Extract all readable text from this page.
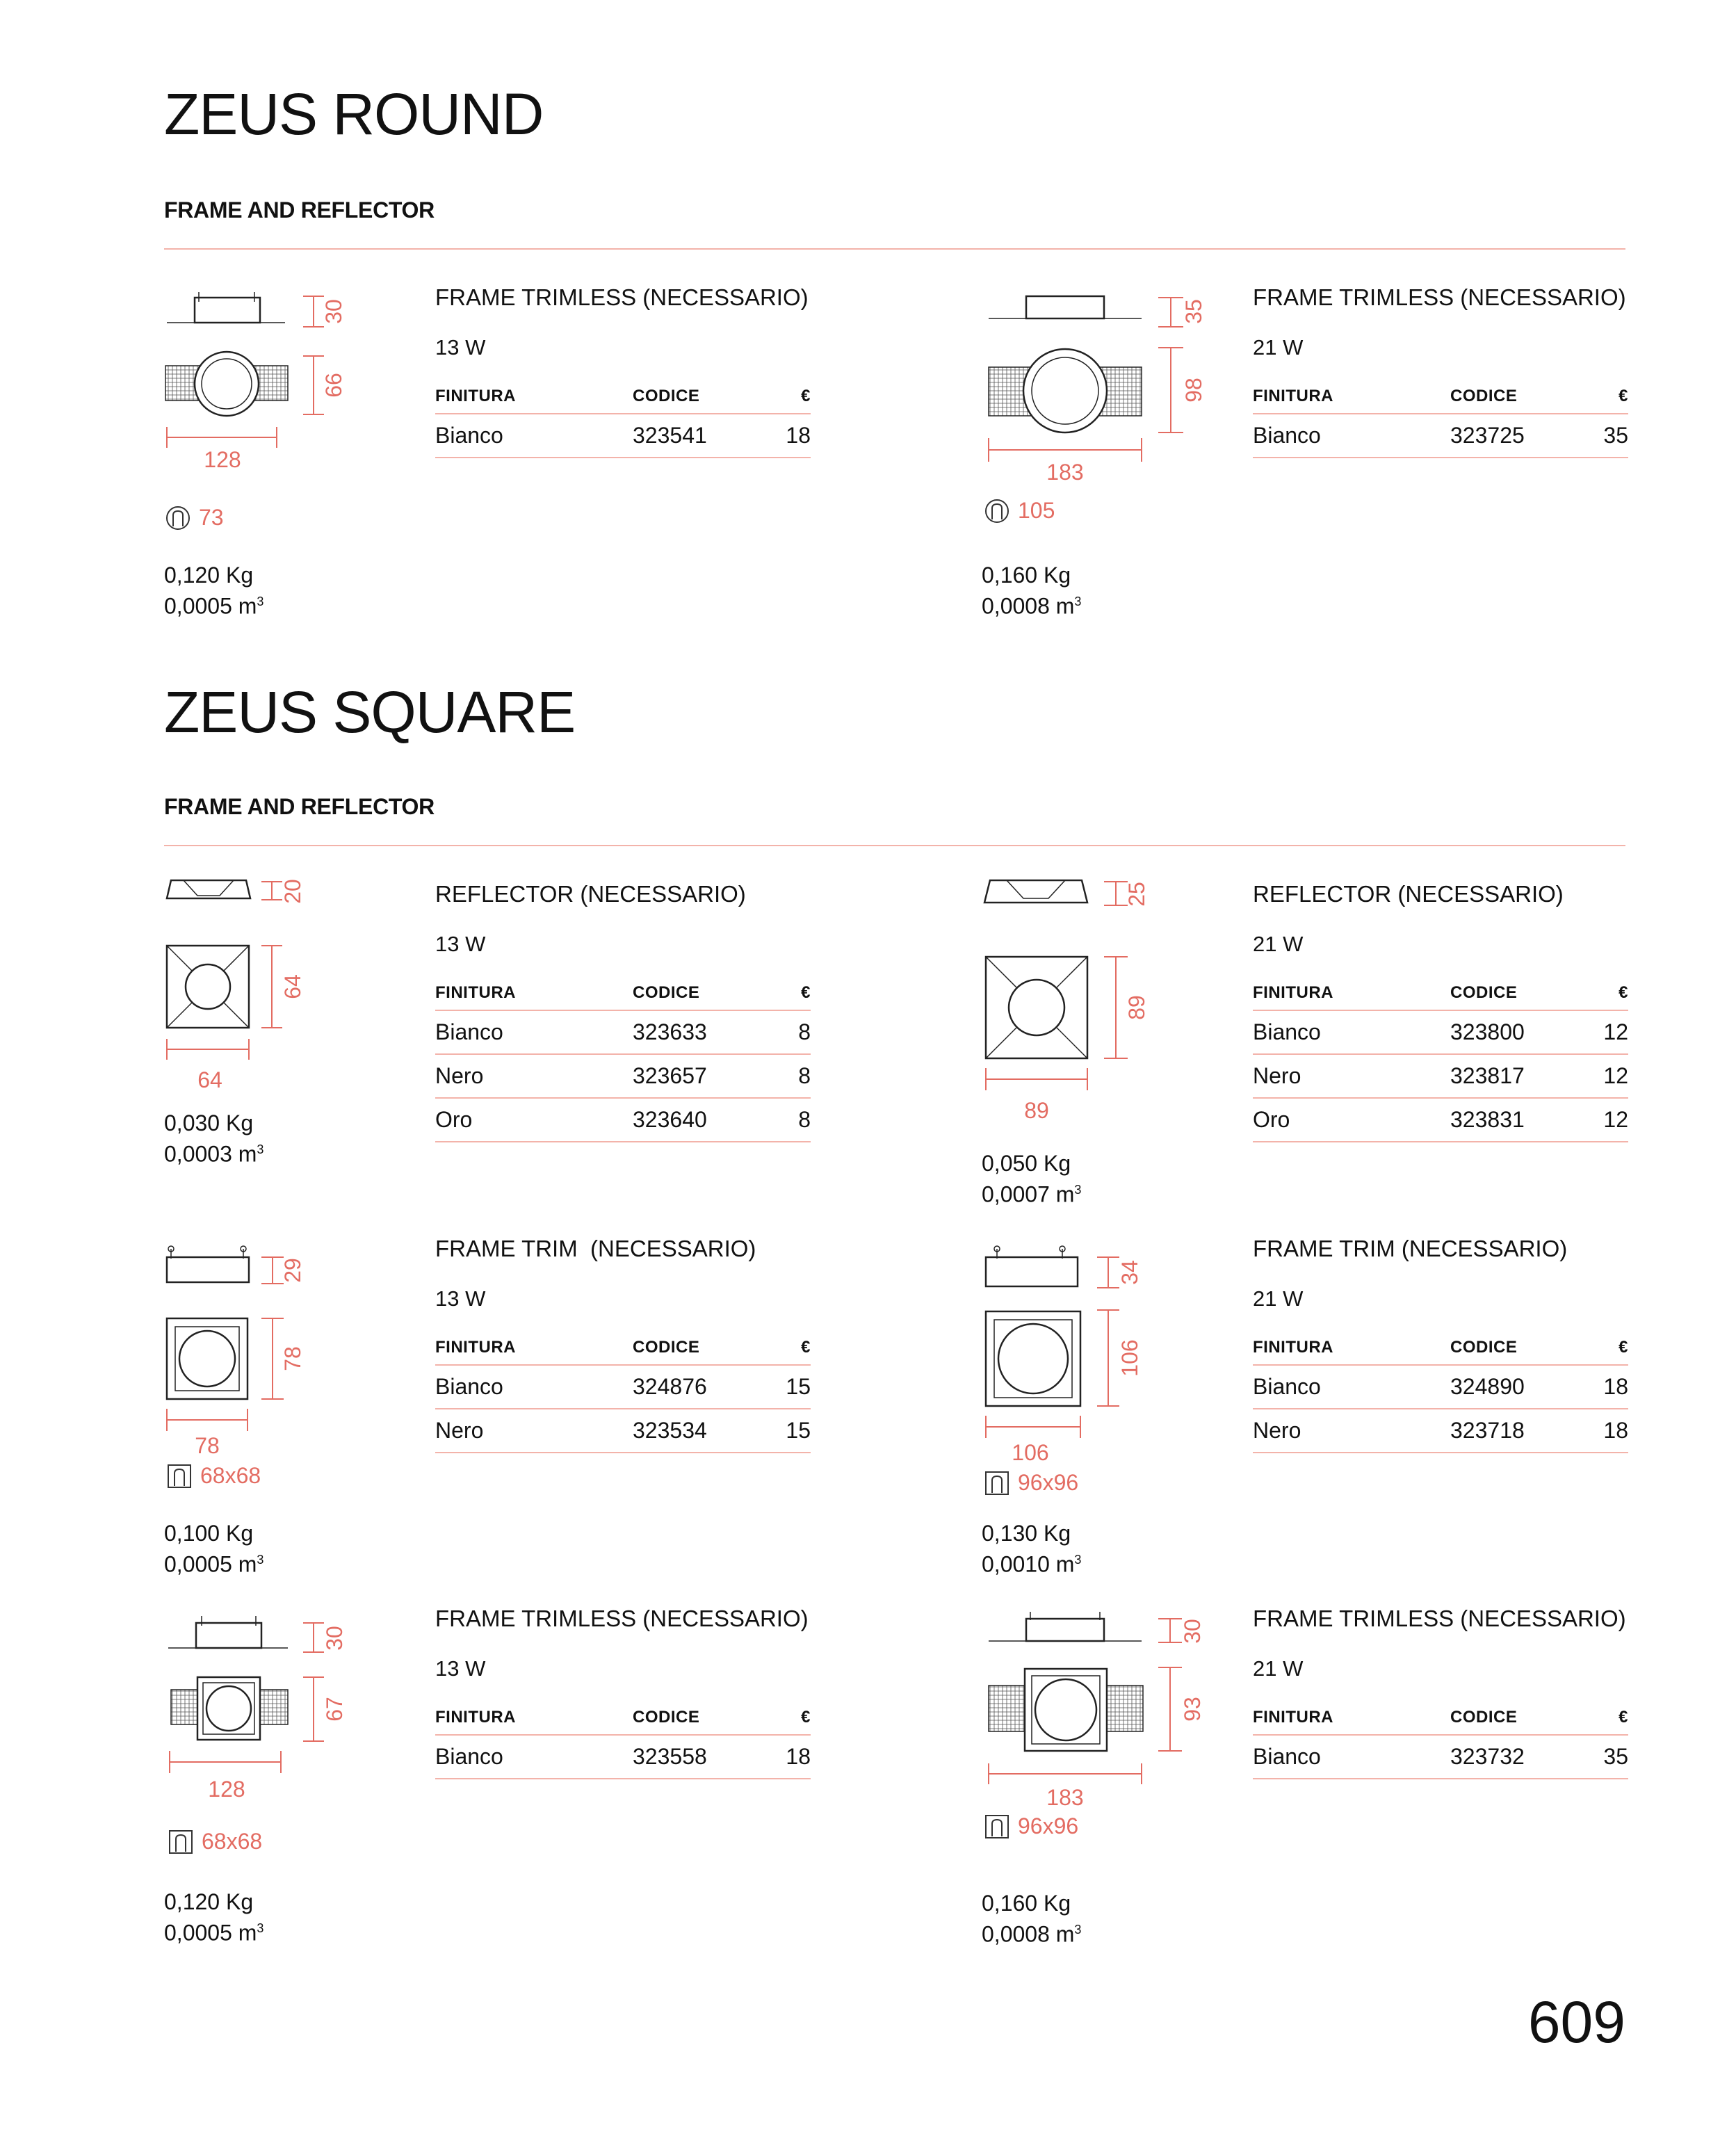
ZEUS ROUND
FRAME AND REFLECTOR
30
66
128
73
0,120 Kg
0,0005 $m^3$
FRAME TRIMLESS (NECESSARIO)
13 W
FINITURA	CODICE	€
Bianco	323541	18
35
98
183
105
0,160 Kg
0,0008 $m^3$
FRAME TRIMLESS (NECESSARIO)
21 W
FINITURA	CODICE	€
Bianco	323725	35
ZEUS SQUARE
FRAME AND REFLECTOR
20
64
64
0,030 Kg
0,0003 $m^3$
REFLECTOR (NECESSARIO)
13 W
FINITURA	CODICE	€
Bianco	323633	8
Nero	323657	8
Oro	323640	8
25
89
89
0,050 Kg
0,0007 $m^3$
REFLECTOR (NECESSARIO)
21 W
FINITURA	CODICE	€
Bianco	323800	12
Nero	323817	12
Oro	323831	12
29
78
78
68x68
0,100 Kg
0,0005 $m^3$
FRAME TRIM  (NECESSARIO)
13 W
FINITURA	CODICE	€
Bianco	324876	15
Nero	323534	15
34
106
106
96x96
0,130 Kg
0,0010 $m^3$
FRAME TRIM (NECESSARIO)
21 W
FINITURA	CODICE	€
Bianco	324890	18
Nero	323718	18
30
67
128
68x68
0,120 Kg
0,0005 $m^3$
FRAME TRIMLESS (NECESSARIO)
13 W
FINITURA	CODICE	€
Bianco	323558	18
30
93
183
96x96
0,160 Kg
0,0008 $m^3$
FRAME TRIMLESS (NECESSARIO)
21 W
FINITURA	CODICE	€
Bianco	323732	35
609
